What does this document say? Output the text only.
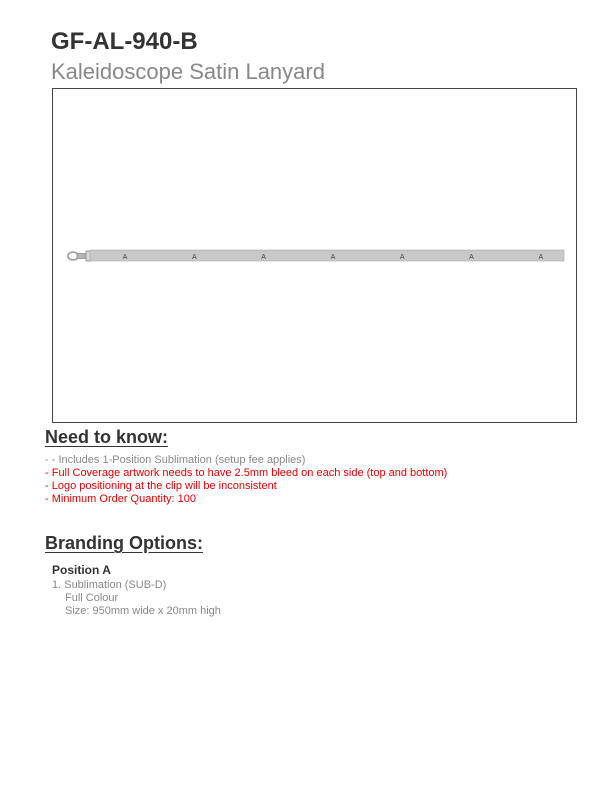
GF-AL-940-B
Kaleidoscope Satin Lanyard
A	A	A	A	A	A	A
Need to know:
- - Includes 1-Position Sublimation (setup fee applies)
- Full Coverage artwork needs to have 2.5mm bleed on each side (top and bottom)
- Logo positioning at the clip will be inconsistent
- Minimum Order Quantity: 100
Branding Options:
Position A
1. Sublimation (SUB-D)
Full Colour
Size: 950mm wide x 20mm high
